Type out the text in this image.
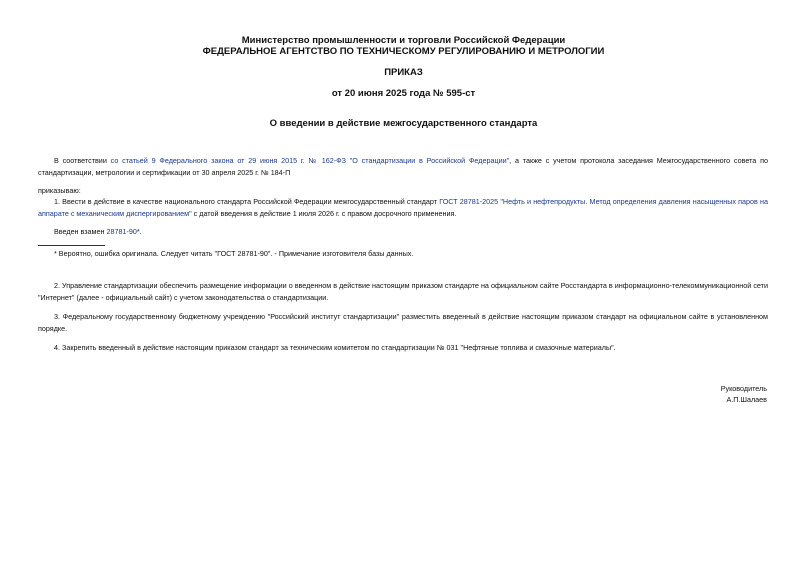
Министерство промышленности и торговли Российской Федерации
ФЕДЕРАЛЬНОЕ АГЕНТСТВО ПО ТЕХНИЧЕСКОМУ РЕГУЛИРОВАНИЮ И МЕТРОЛОГИИ
ПРИКАЗ
от 20 июня 2025 года № 595-ст
О введении в действие межгосударственного стандарта
В соответствии со статьей 9 Федерального закона от 29 июня 2015 г. № 162-ФЗ "О стандартизации в Российской Федерации", а также с учетом протокола заседания Межгосударственного совета по стандартизации, метрологии и сертификации от 30 апреля 2025 г. № 184-П
приказываю:
1. Ввести в действие в качестве национального стандарта Российской Федерации межгосударственный стандарт ГОСТ 28781-2025 "Нефть и нефтепродукты. Метод определения давления насыщенных паров на аппарате с механическим диспергированием" с датой введения в действие 1 июля 2026 г. с правом досрочного применения.
Введен взамен 28781-90*.
* Вероятно, ошибка оригинала. Следует читать "ГОСТ 28781-90". - Примечание изготовителя базы данных.
2. Управление стандартизации обеспечить размещение информации о введенном в действие настоящим приказом стандарте на официальном сайте Росстандарта в информационно-телекоммуникационной сети "Интернет" (далее - официальный сайт) с учетом законодательства о стандартизации.
3. Федеральному государственному бюджетному учреждению "Российский институт стандартизации" разместить введенный в действие настоящим приказом стандарт на официальном сайте в установленном порядке.
4. Закрепить введенный в действие настоящим приказом стандарт за техническим комитетом по стандартизации № 031 "Нефтяные топлива и смазочные материалы".
Руководитель
А.П.Шалаев
